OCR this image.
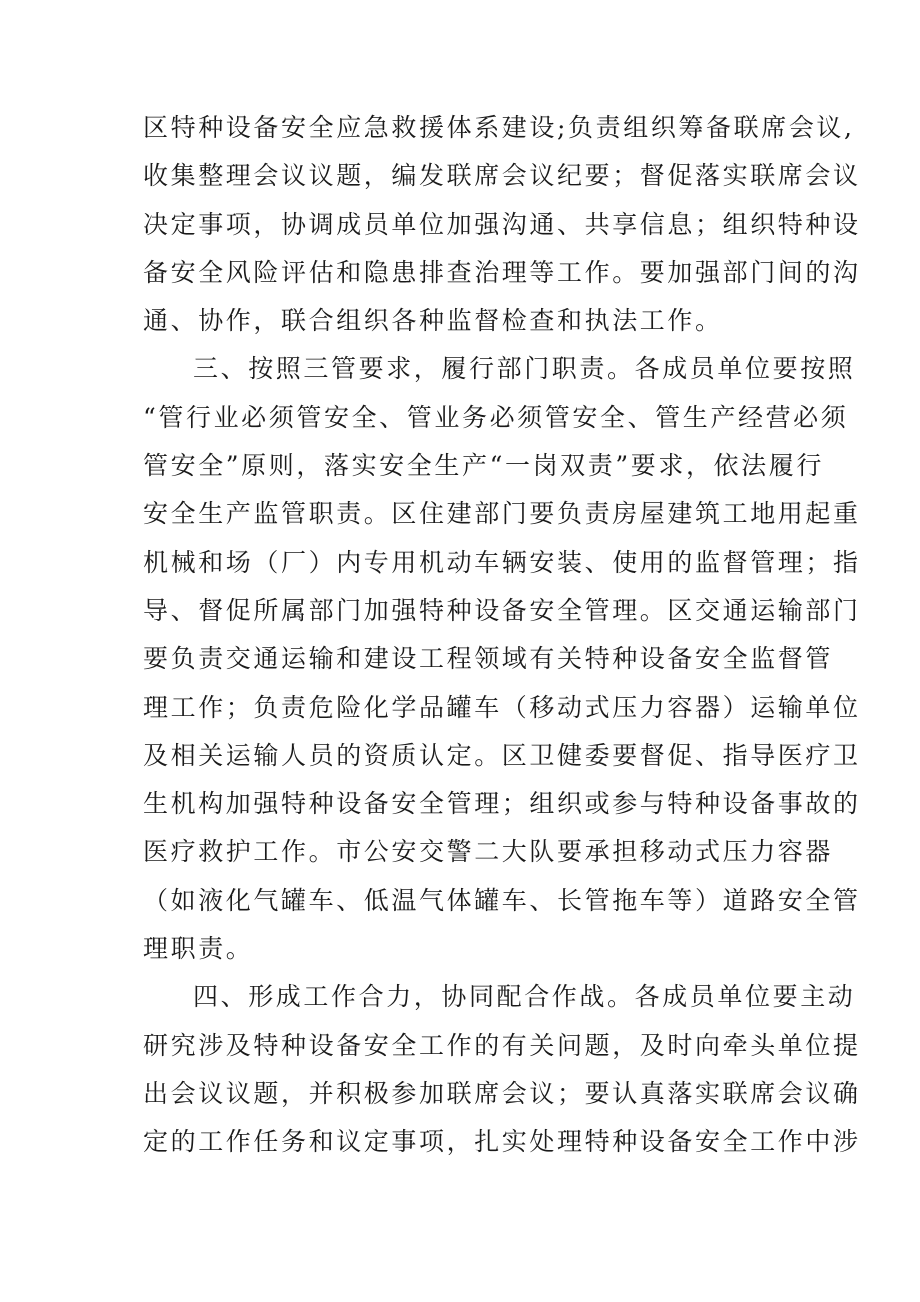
区特种设备安全应急救援体系建设;负责组织筹备联席会议,
收集整理会议议题，编发联席会议纪要；督促落实联席会议
决定事项，协调成员单位加强沟通、共享信息；组织特种设
备安全风险评估和隐患排查治理等工作。要加强部门间的沟
通、协作，联合组织各种监督检查和执法工作。
三、按照三管要求，履行部门职责。各成员单位要按照
“管行业必须管安全、管业务必须管安全、管生产经营必须
管安全”原则，落实安全生产“一岗双责”要求，依法履行
安全生产监管职责。区住建部门要负责房屋建筑工地用起重
机械和场（厂）内专用机动车辆安装、使用的监督管理；指
导、督促所属部门加强特种设备安全管理。区交通运输部门
要负责交通运输和建设工程领域有关特种设备安全监督管
理工作；负责危险化学品罐车（移动式压力容器）运输单位
及相关运输人员的资质认定。区卫健委要督促、指导医疗卫
生机构加强特种设备安全管理；组织或参与特种设备事故的
医疗救护工作。市公安交警二大队要承担移动式压力容器
（如液化气罐车、低温气体罐车、长管拖车等）道路安全管
理职责。
四、形成工作合力，协同配合作战。各成员单位要主动
研究涉及特种设备安全工作的有关问题，及时向牵头单位提
出会议议题，并积极参加联席会议；要认真落实联席会议确
定的工作任务和议定事项，扎实处理特种设备安全工作中涉
